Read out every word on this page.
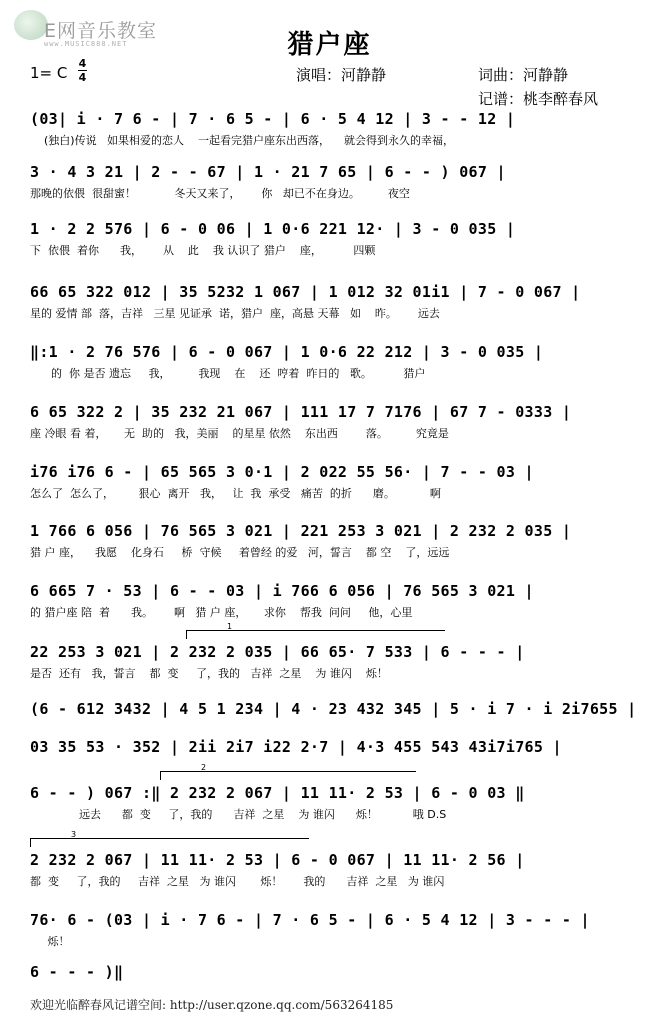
E网音乐教室
www.MUSIC888.NET	猎户座
1= C
4
4	演唱：河静静	词曲：河静静
记谱：桃李醉春风
(03| i · 7 6 - | 7 · 6 5 - | 6 · 5 4 12 | 3 - - 12 |
(独白)传说   如果相爱的恋人    一起看完猎户座东出西落，    就会得到永久的幸福，
3 · 4 3 21 | 2 - - 67 | 1 · 21 7 65 | 6 - - ) 067 |
那晚的依偎  很甜蜜！           冬天又来了，      你   却已不在身边。        夜空
1 · 2 2 576 | 6 - 0 06 | 1 0·6 221 12· | 3 - 0 035 |
下  依偎  着你      我，      从    此    我 认识了 猎户    座，         四颗
66 65 322 012 | 35 5232 1 067 | 1 012 32 01i1 | 7 - 0 067 |
星的 爱情 部  落，吉祥   三星 见证承  诺，猎户  座，高悬 天幕   如    昨。      远去
‖:1 · 2 76 576 | 6 - 0 067 | 1 0·6 22 212 | 3 - 0 035 |
的  你 是否 遗忘     我，        我现    在    还  哼着  昨日的   歌。         猎户
6 65 322 2 | 35 232 21 067 | 111 17 7 7176 | 67 7 - 0333 |
座 冷眼 看 着，     无  助的   我，美丽    的星星 依然    东出西        落。        究竟是
i76 i76 6 - | 65 565 3 0·1 | 2 022 55 56· | 7 - - 03 |
怎么了  怎么了，       狠心  离开   我，   让  我  承受   痛苦  的折      磨。          啊
1 766 6 056 | 76 565 3 021 | 221 253 3 021 | 2 232 2 035 |
猎 户 座，    我愿    化身石     桥  守候     着曾经 的爱   河，誓言    都 空    了，远远
6 665 7 · 53 | 6 - - 03 | i 766 6 056 | 76 565 3 021 |
的 猎户座 陪  着      我。      啊   猎 户 座，     求你    帮我  问问     他，心里
22 253 3 021 | 2 232 2 035 | 66 65· 7 533 | 6 - - - |
是否  还有   我，誓言    都  变     了，我的   吉祥  之星    为 谁闪    烁！
(6 - 612 3432 | 4 5 1 234 | 4 · 23 432 345 | 5 · i 7 · i 2i7655 |
03 35 53 · 352 | 2ii 2i7 i22 2·7 | 4·3 455 543 43i7i765 |
6 - - ) 067 :‖ 2 232 2 067 | 11 11· 2 53 | 6 - 0 03 ‖
远去      都  变     了，我的      吉祥  之星    为 谁闪      烁！          哦 D.S
2 232 2 067 | 11 11· 2 53 | 6 - 0 067 | 11 11· 2 56 |
都  变     了，我的     吉祥  之星   为 谁闪       烁！      我的      吉祥  之星   为 谁闪
76· 6 - (03 | i · 7 6 - | 7 · 6 5 - | 6 · 5 4 12 | 3 - - - |
烁！
6 - - - )‖
1
2
3
欢迎光临醉春风记谱空间: http://user.qzone.qq.com/563264185
